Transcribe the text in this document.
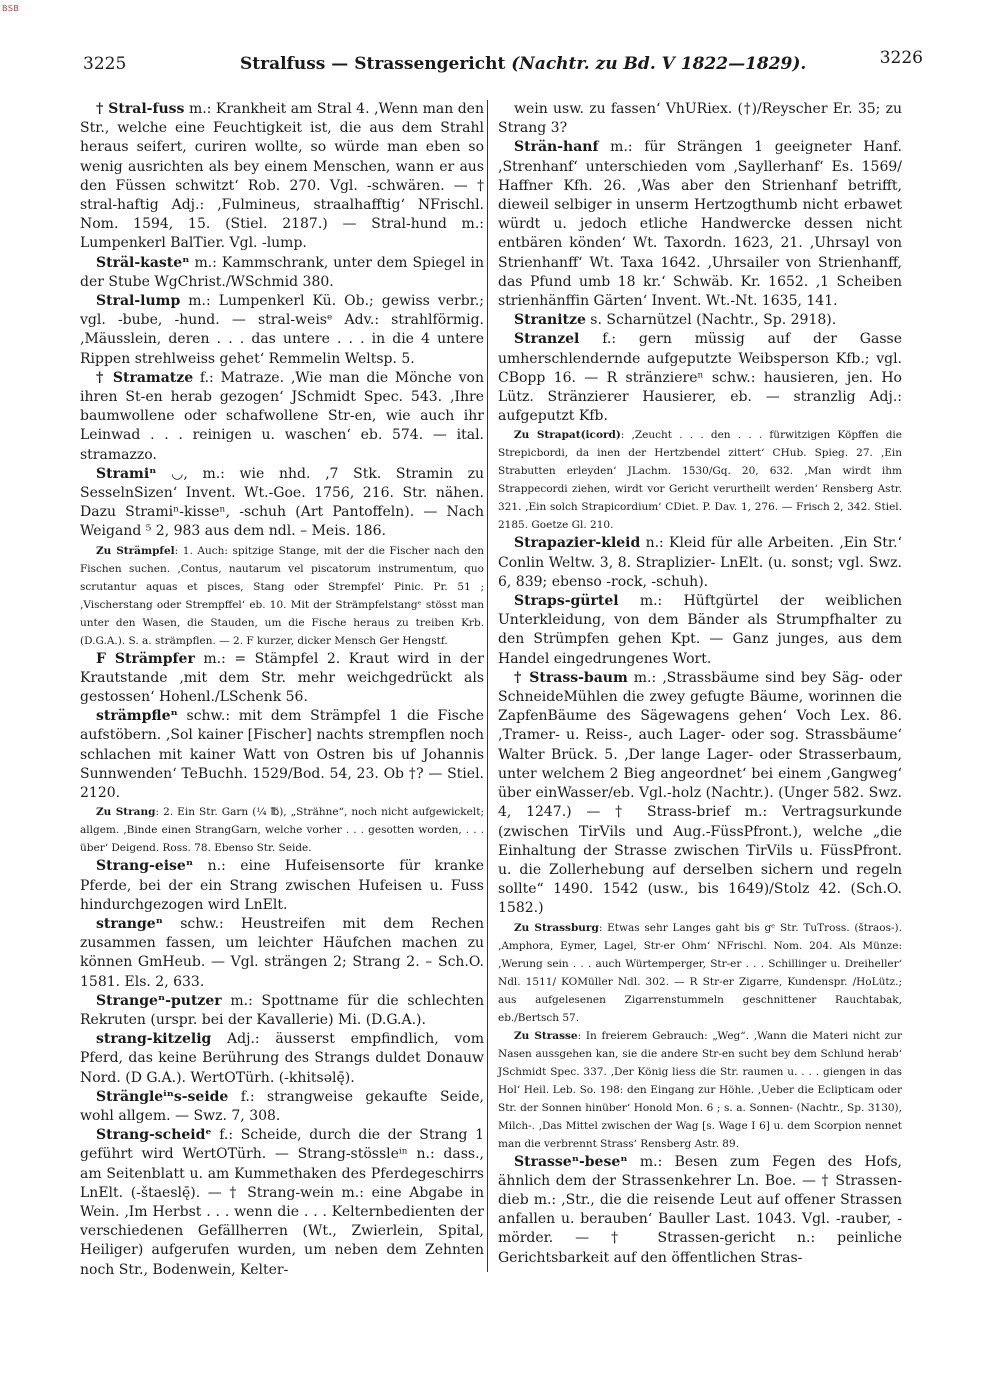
BSB
3225	Stralfuss — Strassengericht (Nachtr. zu Bd. V 1822—1829).	3226

† Stral-fuss m.: Krankheit am Stral 4. ‚Wenn man den Str., welche eine Feuchtigkeit ist, die aus dem Strahl heraus seifert, curiren wollte, so würde man eben so wenig ausrichten als bey einem Menschen, wann er aus den Füssen schwitzt‘ Rob. 270. Vgl. -schwären. — † stral-haftig Adj.: ‚Fulmineus, straalhafftig‘ NFrischl. Nom. 1594, 15. (Stiel. 2187.) — Stral-hund m.: Lumpenkerl BalTier. Vgl. -lump.

Sträl-kasteⁿ m.: Kammschrank, unter dem Spiegel in der Stube WgChrist./WSchmid 380.

Stral-lump m.: Lumpenkerl Kü. Ob.; gewiss verbr.; vgl. -bube, -hund. — stral-weisᵉ Adv.: strahlförmig. ‚Mäusslein, deren . . . das untere . . . in die 4 untere Rippen strehlweiss gehet‘ Remmelin Weltsp. 5.

† Stramatze f.: Matraze. ‚Wie man die Mönche von ihren St-en herab gezogen‘ JSchmidt Spec. 543. ‚Ihre baumwollene oder schafwollene Str-en, wie auch ihr Leinwad . . . reinigen u. waschen‘ eb. 574. — ital. stramazzo.

Stramiⁿ ◡, m.: wie nhd. ‚7 Stk. Stramin zu SesselnSizen‘ Invent. Wt.-Goe. 1756, 216. Str. nähen. Dazu Stramiⁿ-kisseⁿ, -schuh (Art Pantoffeln). — Nach Weigand ⁵ 2, 983 aus dem ndl. – Meis. 186.

Zu Strämpfel: 1. Auch: spitzige Stange, mit der die Fischer nach den Fischen suchen. ‚Contus, nautarum vel piscatorum instrumentum, quo scrutantur aquas et pisces, Stang oder Strempfel‘ Pinic. Pr. 51 ; ‚Vischerstang oder Strempffel‘ eb. 10. Mit der Strämpfelstangᵉ stösst man unter den Wasen, die Stauden, um die Fische heraus zu treiben Krb. (D.G.A.). S. a. strämpflen. — 2. F kurzer, dicker Mensch Ger Hengstf.

F Strämpfer m.: = Stämpfel 2. Kraut wird in der Krautstande ‚mit dem Str. mehr weichgedrückt als gestossen‘ Hohenl./LSchenk 56.

strämpfleⁿ schw.: mit dem Strämpfel 1 die Fische aufstöbern. ‚Sol kainer [Fischer] nachts strempflen noch schlachen mit kainer Watt von Ostren bis uf Johannis Sunnwenden‘ TeBuchh. 1529/Bod. 54, 23. Ob †? — Stiel. 2120.

Zu Strang: 2. Ein Str. Garn (¼ ℔), „Strähne“, noch nicht aufgewickelt; allgem. ‚Binde einen StrangGarn, welche vorher . . . gesotten worden, . . . über‘ Deigend. Ross. 78. Ebenso Str. Seide.

Strang-eiseⁿ n.: eine Hufeisensorte für kranke Pferde, bei der ein Strang zwischen Hufeisen u. Fuss hindurchgezogen wird LnElt.

strangeⁿ schw.: Heustreifen mit dem Rechen zusammen fassen, um leichter Häufchen machen zu können GmHeub. — Vgl. strängen 2; Strang 2. – Sch.O. 1581. Els. 2, 633.

Strangeⁿ-putzer m.: Spottname für die schlechten Rekruten (urspr. bei der Kavallerie) Mi. (D.G.A.).

strang-kitzelig Adj.: äusserst empfindlich, vom Pferd, das keine Berührung des Strangs duldet Donauw Nord. (D G.A.). WertOTürh. (-khitsəlę̄).

Strängleⁱⁿs-seide f.: strangweise gekaufte Seide, wohl allgem. — Swz. 7, 308.

Strang-scheidᵉ f.: Scheide, durch die der Strang 1 geführt wird WertOTürh. — Strang-stössleⁱⁿ n.: dass., am Seitenblatt u. am Kummethaken des Pferdegeschirrs LnElt. (-štaeslę̄). — † Strang-wein m.: eine Abgabe in Wein. ‚Im Herbst . . . wenn die . . . Kelternbedienten der verschiedenen Gefällherren (Wt., Zwierlein, Spital, Heiliger) aufgerufen wurden, um neben dem Zehnten noch Str., Bodenwein, Kelter-

wein usw. zu fassen‘ VhURiex. (†)/Reyscher Er. 35; zu Strang 3?

Strän-hanf m.: für Strängen 1 geeigneter Hanf. ‚Strenhanf‘ unterschieden vom ‚Sayllerhanf‘ Es. 1569/ Haffner Kfh. 26. ‚Was aber den Strienhanf betrifft, dieweil selbiger in unserm Hertzogthumb nicht erbawet würdt u. jedoch etliche Handwercke dessen nicht entbären könden‘ Wt. Taxordn. 1623, 21. ‚Uhrsayl von Strienhanff‘ Wt. Taxa 1642. ‚Uhrsailer von Strienhanff, das Pfund umb 18 kr.‘ Schwäb. Kr. 1652. ‚1 Scheiben strienhänffin Gärten‘ Invent. Wt.-Nt. 1635, 141.

Stranitze s. Scharnützel (Nachtr., Sp. 2918).

Stranzel f.: gern müssig auf der Gasse umherschlendernde aufgeputzte Weibsperson Kfb.; vgl. CBopp 16. — R stränziereⁿ schw.: hausieren, jen. Ho Lütz. Stränzierer Hausierer, eb. — stranzlig Adj.: aufgeputzt Kfb.

Zu Strapat(icord): ‚Zeucht . . . den . . . fürwitzigen Köpffen die Strepicbordi, da inen der Hertzbendel zittert‘ CHub. Spieg. 27. ‚Ein Strabutten erleyden‘ JLachm. 1530/Gq. 20, 632. ‚Man wirdt ihm Strappecordi ziehen, wirdt vor Gericht verurtheilt werden‘ Rensberg Astr. 321. ‚Ein solch Strapicordium‘ CDiet. P. Dav. 1, 276. — Frisch 2, 342. Stiel. 2185. Goetze Gl. 210.

Strapazier-kleid n.: Kleid für alle Arbeiten. ‚Ein Str.‘ Conlin Weltw. 3, 8. Straplizier- LnElt. (u. sonst; vgl. Swz. 6, 839; ebenso -rock, -schuh).

Straps-gürtel m.: Hüftgürtel der weiblichen Unterkleidung, von dem Bänder als Strumpfhalter zu den Strümpfen gehen Kpt. — Ganz junges, aus dem Handel eingedrungenes Wort.

† Strass-baum m.: ‚Strassbäume sind bey Säg- oder SchneideMühlen die zwey gefugte Bäume, worinnen die ZapfenBäume des Sägewagens gehen‘ Voch Lex. 86. ‚Tramer- u. Reiss-, auch Lager- oder sog. Strassbäume‘ Walter Brück. 5. ‚Der lange Lager- oder Strasserbaum, unter welchem 2 Bieg angeordnet‘ bei einem ‚Gangweg‘ über einWasser/eb. Vgl.-holz (Nachtr.). (Unger 582. Swz. 4, 1247.) — † Strass-brief m.: Vertragsurkunde (zwischen TirVils und Aug.-FüssPfront.), welche „die Einhaltung der Strasse zwischen TirVils u. FüssPfront. u. die Zollerhebung auf derselben sichern und regeln sollte“ 1490. 1542 (usw., bis 1649)/Stolz 42. (Sch.O. 1582.)

Zu Strassburg: Etwas sehr Langes gaht bis gᵉ Str. TuTross. (štraos-). ‚Amphora, Eymer, Lagel, Str-er Ohm‘ NFrischl. Nom. 204. Als Münze: ‚Werung sein . . . auch Würtemperger, Str-er . . . Schillinger u. Dreiheller‘ Ndl. 1511/ KOMüller Ndl. 302. — R Str-er Zigarre, Kundenspr. /HoLütz.; aus aufgelesenen Zigarrenstummeln geschnittener Rauchtabak, eb./Bertsch 57.

Zu Strasse: In freierem Gebrauch: „Weg“. ‚Wann die Materi nicht zur Nasen aussgehen kan, sie die andere Str-en sucht bey dem Schlund herab‘ JSchmidt Spec. 337. ‚Der König liess die Str. raumen u. . . . giengen in das Hol‘ Heil. Leb. So. 198: den Eingang zur Höhle. ‚Ueber die Eclipticam oder Str. der Sonnen hinüber‘ Honold Mon. 6 ; s. a. Sonnen- (Nachtr., Sp. 3130), Milch-. ‚Das Mittel zwischen der Wag [s. Wage I 6] u. dem Scorpion nennet man die verbrennt Strass‘ Rensberg Astr. 89.

Strasseⁿ-beseⁿ m.: Besen zum Fegen des Hofs, ähnlich dem der Strassenkehrer Ln. Boe. — † Strassen-dieb m.: ‚Str., die die reisende Leut auf offener Strassen anfallen u. berauben‘ Bauller Last. 1043. Vgl. -rauber, -mörder. — † Strassen-gericht n.: peinliche Gerichtsbarkeit auf den öffentlichen Stras-
